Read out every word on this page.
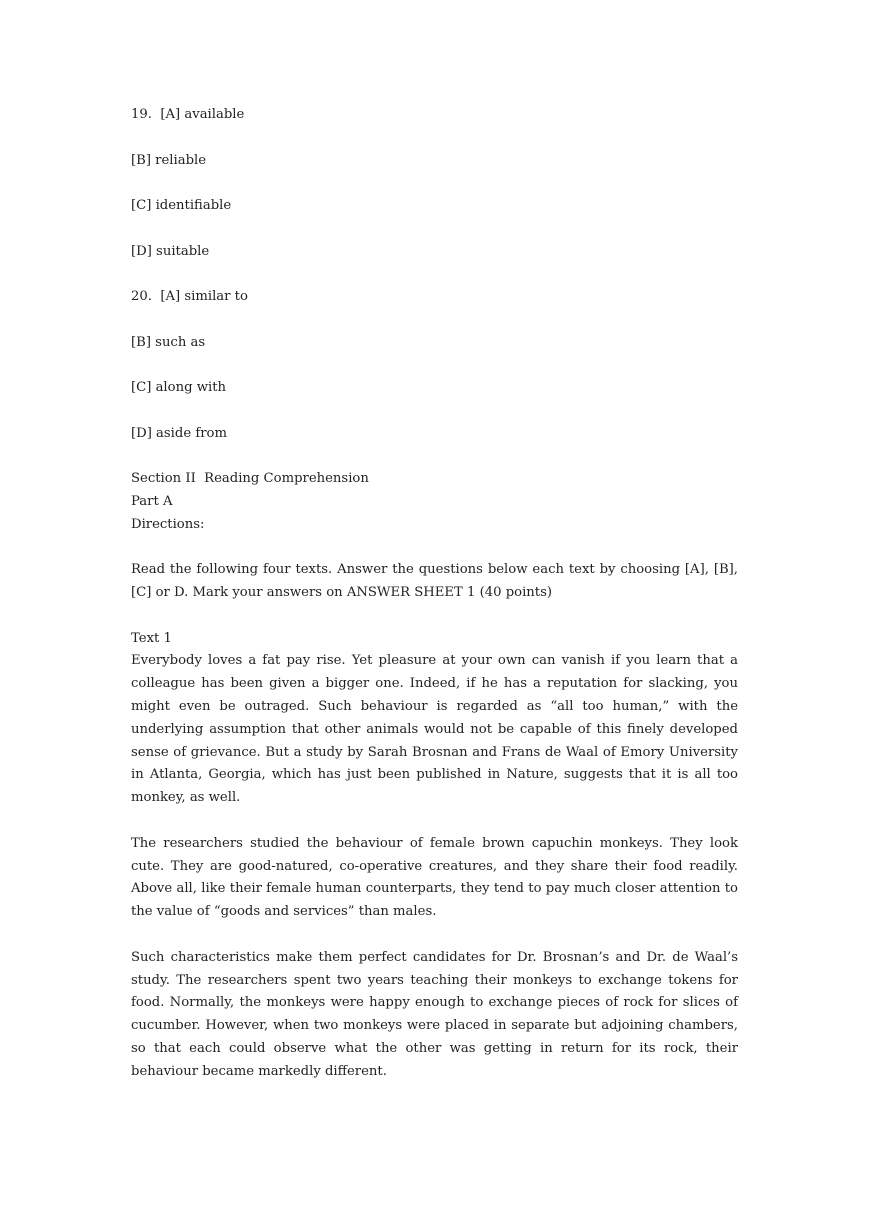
19. [A] available
[B] reliable
[C] identifiable
[D] suitable
20. [A] similar to
[B] such as
[C] along with
[D] aside from
Section II  Reading Comprehension
Part A
Directions:
Read the following four texts. Answer the questions below each text by choosing [A], [B], [C] or D. Mark your answers on ANSWER SHEET 1 (40 points)
Text 1
Everybody loves a fat pay rise. Yet pleasure at your own can vanish if you learn that a colleague has been given a bigger one. Indeed, if he has a reputation for slacking, you might even be outraged. Such behaviour is regarded as “all too human,” with the underlying assumption that other animals would not be capable of this finely developed sense of grievance. But a study by Sarah Brosnan and Frans de Waal of Emory University in Atlanta, Georgia, which has just been published in Nature, suggests that it is all too monkey, as well.
The researchers studied the behaviour of female brown capuchin monkeys. They look cute. They are good-natured, co-operative creatures, and they share their food readily. Above all, like their female human counterparts, they tend to pay much closer attention to the value of “goods and services” than males.
Such characteristics make them perfect candidates for Dr. Brosnan’s and Dr. de Waal’s study. The researchers spent two years teaching their monkeys to exchange tokens for food. Normally, the monkeys were happy enough to exchange pieces of rock for slices of cucumber. However, when two monkeys were placed in separate but adjoining chambers, so that each could observe what the other was getting in return for its rock, their behaviour became markedly different.
